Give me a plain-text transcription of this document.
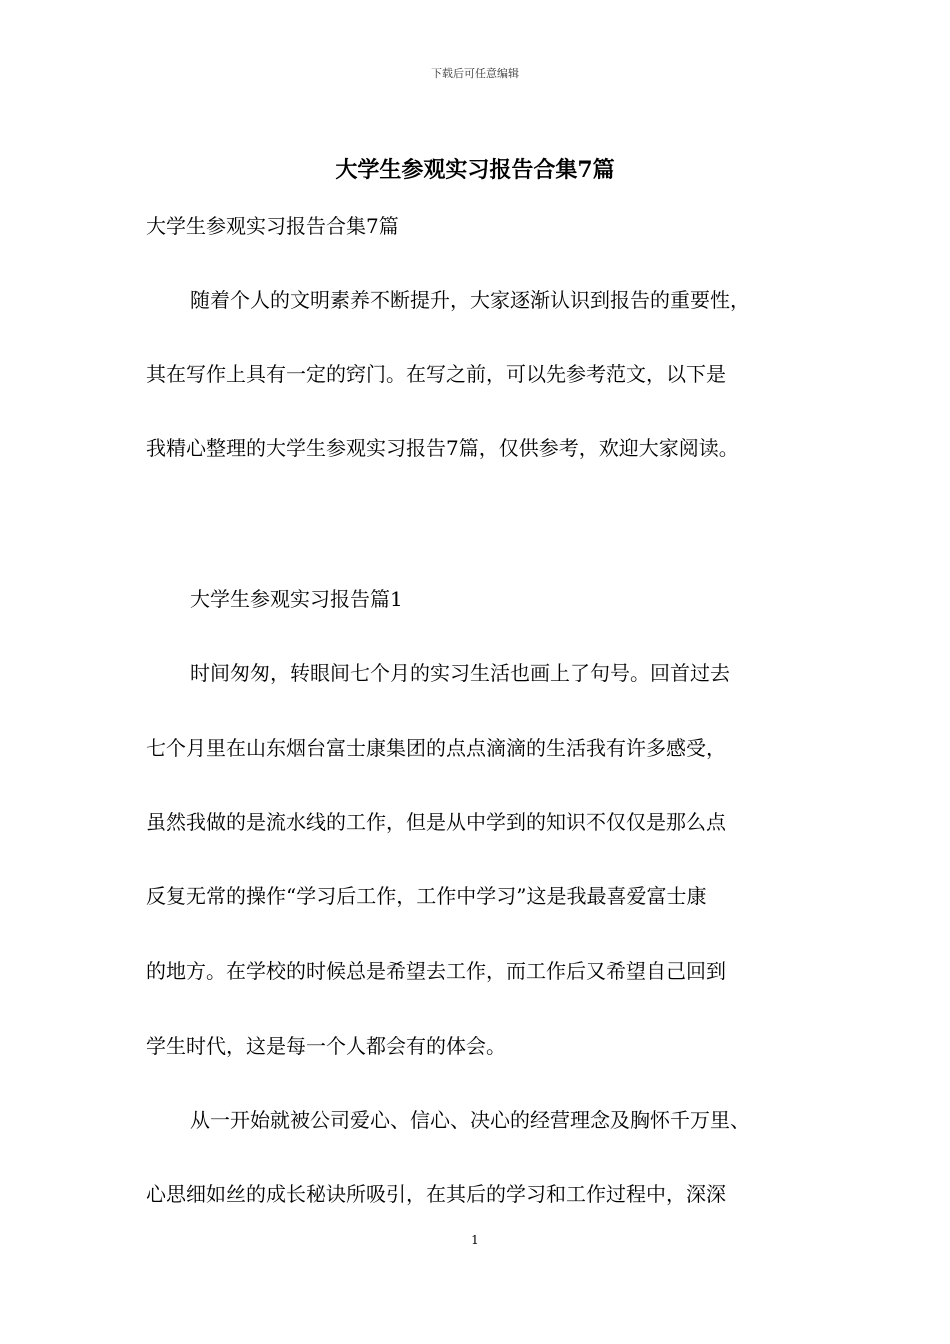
下载后可任意编辑
大学生参观实习报告合集7篇
大学生参观实习报告合集7篇
随着个人的文明素养不断提升，大家逐渐认识到报告的重要性，
其在写作上具有一定的窍门。在写之前，可以先参考范文，以下是
我精心整理的大学生参观实习报告7篇，仅供参考，欢迎大家阅读。
大学生参观实习报告篇1
时间匆匆，转眼间七个月的实习生活也画上了句号。回首过去
七个月里在山东烟台富士康集团的点点滴滴的生活我有许多感受，
虽然我做的是流水线的工作，但是从中学到的知识不仅仅是那么点
反复无常的操作“学习后工作，工作中学习”这是我最喜爱富士康
的地方。在学校的时候总是希望去工作，而工作后又希望自己回到
学生时代，这是每一个人都会有的体会。
从一开始就被公司爱心、信心、决心的经营理念及胸怀千万里、
心思细如丝的成长秘诀所吸引，在其后的学习和工作过程中，深深
1
